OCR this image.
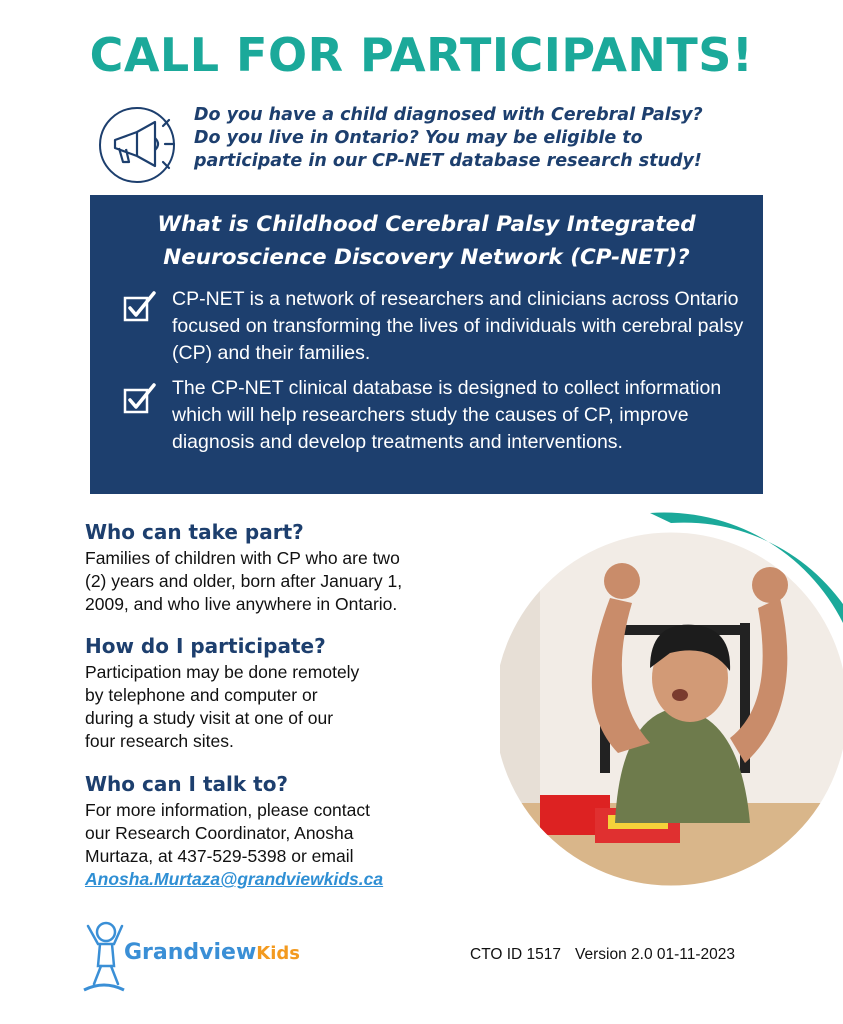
CALL FOR PARTICIPANTS!
Do you have a child diagnosed with Cerebral Palsy?
Do you live in Ontario? You may be eligible to
participate in our CP-NET database research study!
What is Childhood Cerebral Palsy Integrated
Neuroscience Discovery Network (CP-NET)?
CP-NET is a network of researchers and clinicians across Ontario focused on transforming the lives of individuals with cerebral palsy (CP) and their families.
The CP-NET clinical database is designed to collect information which will help researchers study the causes of CP, improve diagnosis and develop treatments and interventions.
Who can take part?
Families of children with CP who are two
(2) years and older, born after January 1,
2009, and who live anywhere in Ontario.
How do I participate?
Participation may be done remotely
by telephone and computer or
during a study visit at one of our
four research sites.
Who can I talk to?
For more information, please contact
our Research Coordinator, Anosha
Murtaza, at 437-529-5398 or email
Anosha.Murtaza@grandviewkids.ca
GrandviewKids	CTO ID 1517 Version 2.0 01-11-2023
